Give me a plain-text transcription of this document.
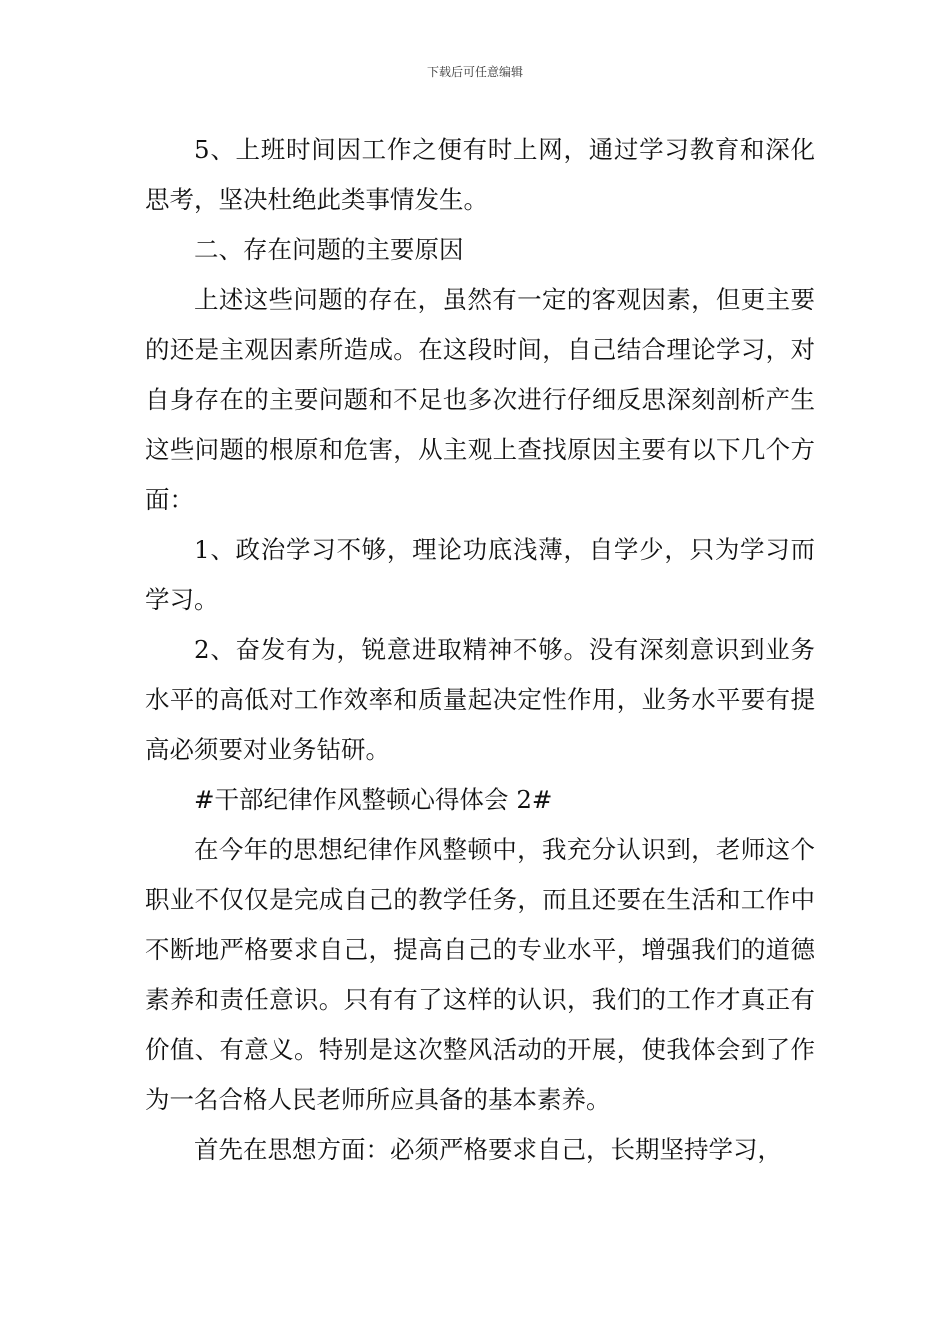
下载后可任意编辑

5、上班时间因工作之便有时上网，通过学习教育和深化思考，坚决杜绝此类事情发生。

二、存在问题的主要原因

上述这些问题的存在，虽然有一定的客观因素，但更主要的还是主观因素所造成。在这段时间，自己结合理论学习，对自身存在的主要问题和不足也多次进行仔细反思深刻剖析产生这些问题的根原和危害，从主观上查找原因主要有以下几个方面：

1、政治学习不够，理论功底浅薄，自学少，只为学习而学习。

2、奋发有为，锐意进取精神不够。没有深刻意识到业务水平的高低对工作效率和质量起决定性作用，业务水平要有提高必须要对业务钻研。

#干部纪律作风整顿心得体会 2#

在今年的思想纪律作风整顿中，我充分认识到，老师这个职业不仅仅是完成自己的教学任务，而且还要在生活和工作中不断地严格要求自己，提高自己的专业水平，增强我们的道德素养和责任意识。只有有了这样的认识，我们的工作才真正有价值、有意义。特别是这次整风活动的开展，使我体会到了作为一名合格人民老师所应具备的基本素养。

首先在思想方面：必须严格要求自己，长期坚持学习，
